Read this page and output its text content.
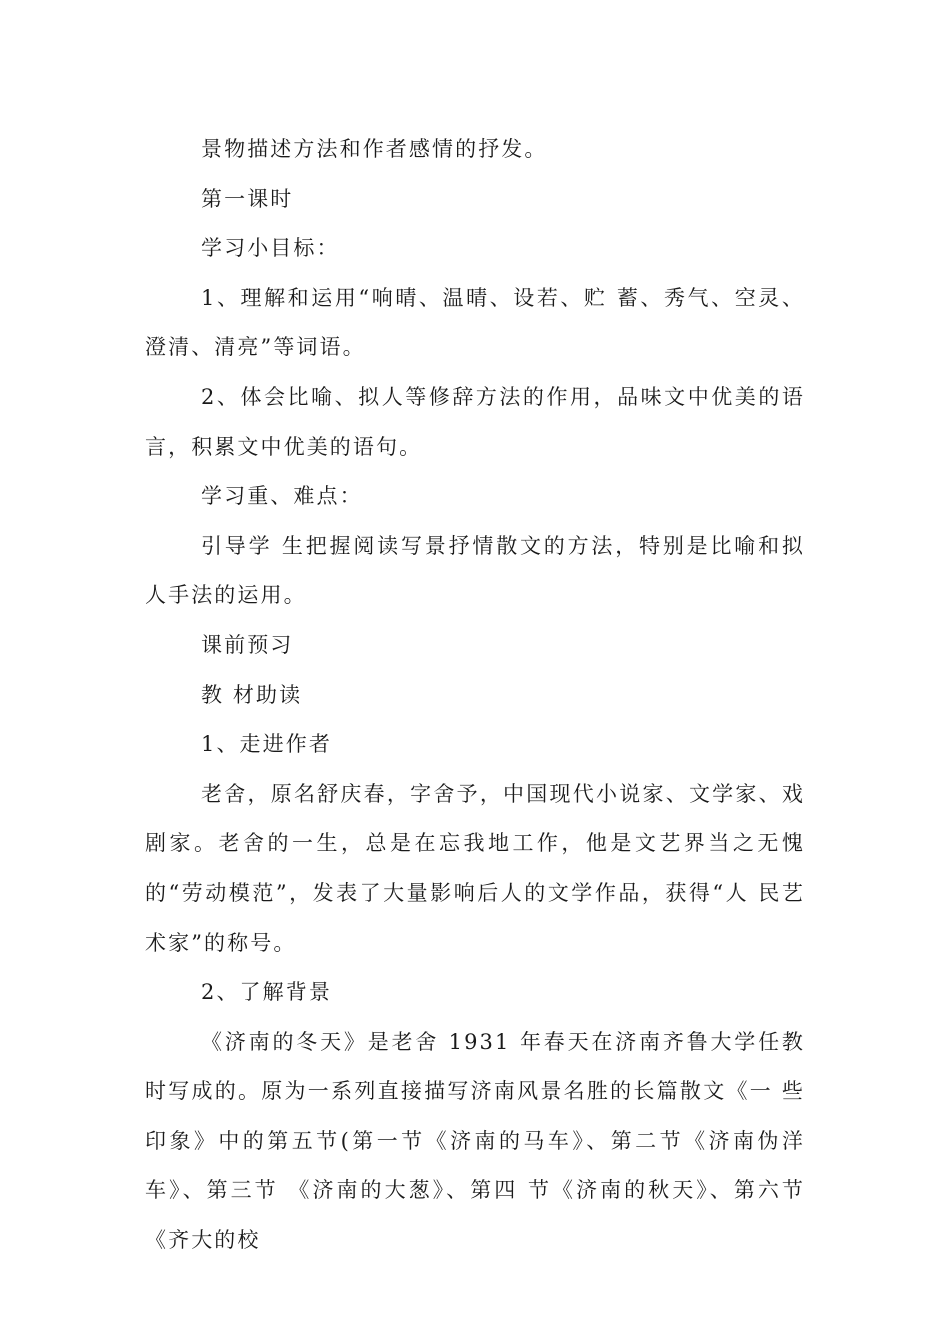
景物描述方法和作者感情的抒发。

第一课时

学习小目标：

1、理解和运用“响晴、温晴、设若、贮 蓄、秀气、空灵、澄清、清亮”等词语。

2、体会比喻、拟人等修辞方法的作用，品味文中优美的语言，积累文中优美的语句。

学习重、难点：

引导学 生把握阅读写景抒情散文的方法，特别是比喻和拟人手法的运用。

课前预习

教 材助读

1、走进作者

老舍，原名舒庆春，字舍予，中国现代小说家、文学家、戏剧家。老舍的一生，总是在忘我地工作，他是文艺界当之无愧的“劳动模范”，发表了大量影响后人的文学作品，获得“人 民艺术家”的称号。

2、了解背景

《济南的冬天》是老舍 1931 年春天在济南齐鲁大学任教时写成的。原为一系列直接描写济南风景名胜的长篇散文《一 些印象》中的第五节(第一节《济南的马车》、第二节《济南伪洋车》、第三节 《济南的大葱》、第四 节《济南的秋天》、第六节《齐大的校
